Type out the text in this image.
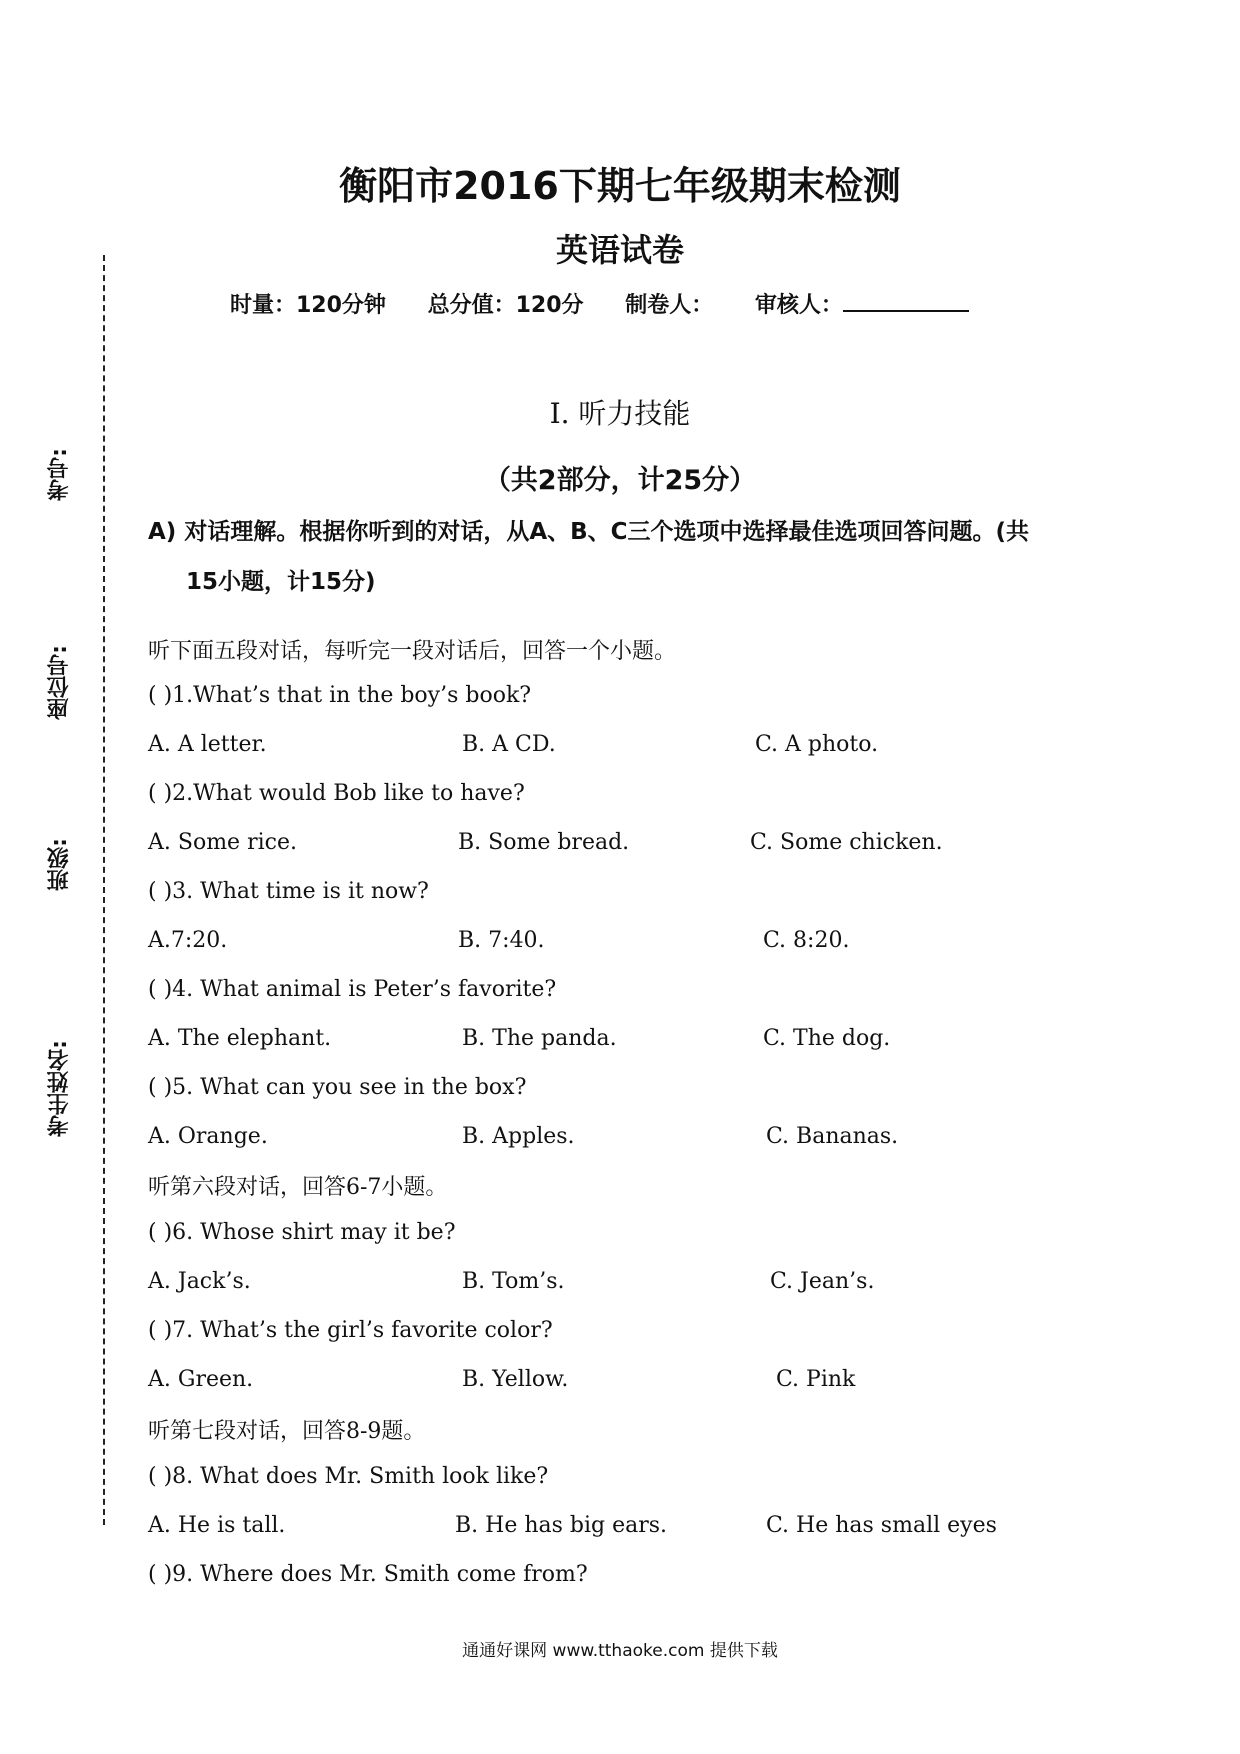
考号:
座位号:
班级:
考生姓名:
衡阳市2016下期七年级期末检测
英语试卷
时量：120分钟 总分值：120分 制卷人： 审核人：
I. 听力技能
（共2部分，计25分）
A) 对话理解。根据你听到的对话，从A、B、C三个选项中选择最佳选项回答问题。(共
15小题，计15分)
听下面五段对话，每听完一段对话后，回答一个小题。
( )1.What’s that in the boy’s book?
A. A letter.	B. A CD.	C. A photo.
( )2.What would Bob like to have?
A. Some rice.	B. Some bread.	C. Some chicken.
( )3. What time is it now?
A.7:20.	B. 7:40.	C. 8:20.
( )4. What animal is Peter’s favorite?
A. The elephant.	B. The panda.	C. The dog.
( )5. What can you see in the box?
A. Orange.	B. Apples.	C. Bananas.
听第六段对话，回答6-7小题。
( )6. Whose shirt may it be?
A. Jack’s.	B. Tom’s.	C. Jean’s.
( )7. What’s the girl’s favorite color?
A. Green.	B. Yellow.	C. Pink
听第七段对话，回答8-9题。
( )8. What does Mr. Smith look like?
A. He is tall.	B. He has big ears.	C. He has small eyes
( )9. Where does Mr. Smith come from?
通通好课网 www.tthaoke.com 提供下载
